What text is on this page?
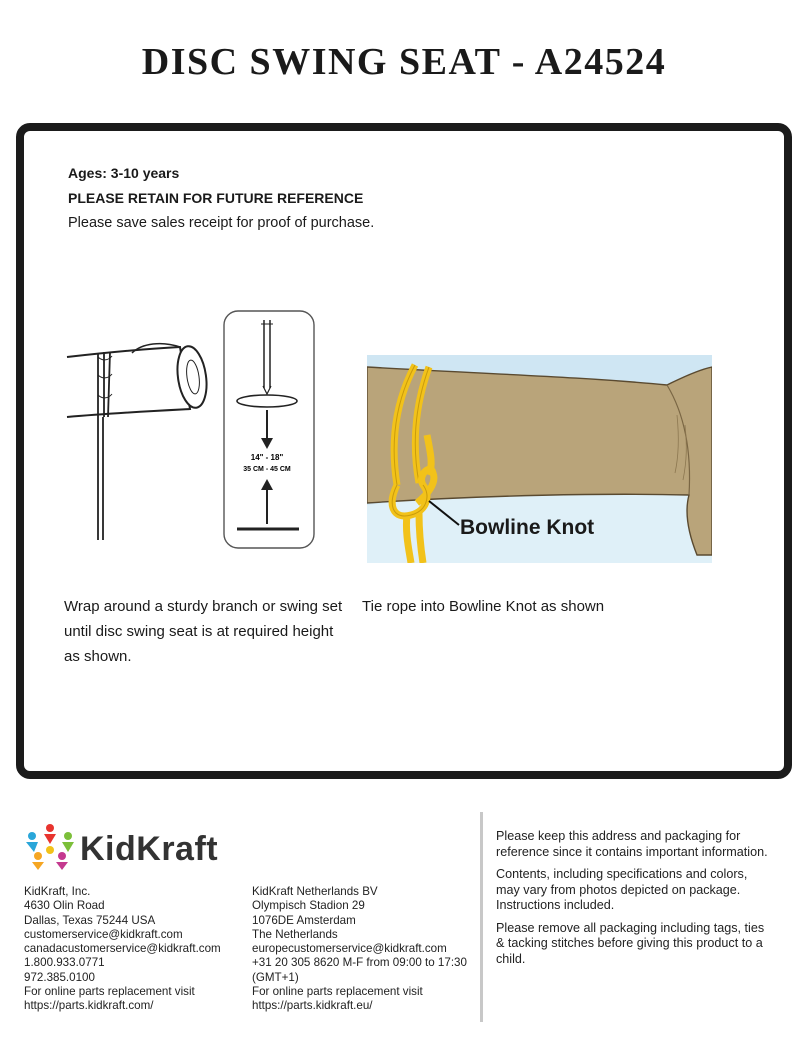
DISC SWING SEAT - A24524
Ages: 3-10 years
PLEASE RETAIN FOR FUTURE REFERENCE
Please save sales receipt for proof of purchase.
14" - 18"
35 CM - 45 CM
Bowline Knot
Wrap around a sturdy branch or swing set until disc swing seat is at required height as shown.
Tie rope into Bowline Knot as shown
KidKraft
KidKraft, Inc.
4630 Olin Road
Dallas, Texas 75244 USA
customerservice@kidkraft.com
canadacustomerservice@kidkraft.com
1.800.933.0771
972.385.0100
For online parts replacement visit
https://parts.kidkraft.com/
KidKraft Netherlands BV
Olympisch Stadion 29
1076DE Amsterdam
The Netherlands
europecustomerservice@kidkraft.com
+31 20 305 8620 M-F from 09:00 to 17:30
(GMT+1)
For online parts replacement visit
https://parts.kidkraft.eu/

Please keep this address and packaging for reference since it contains important information.

Contents, including specifications and colors, may vary from photos depicted on package. Instructions included.

Please remove all packaging including tags, ties & tacking stitches before giving this product to a child.
